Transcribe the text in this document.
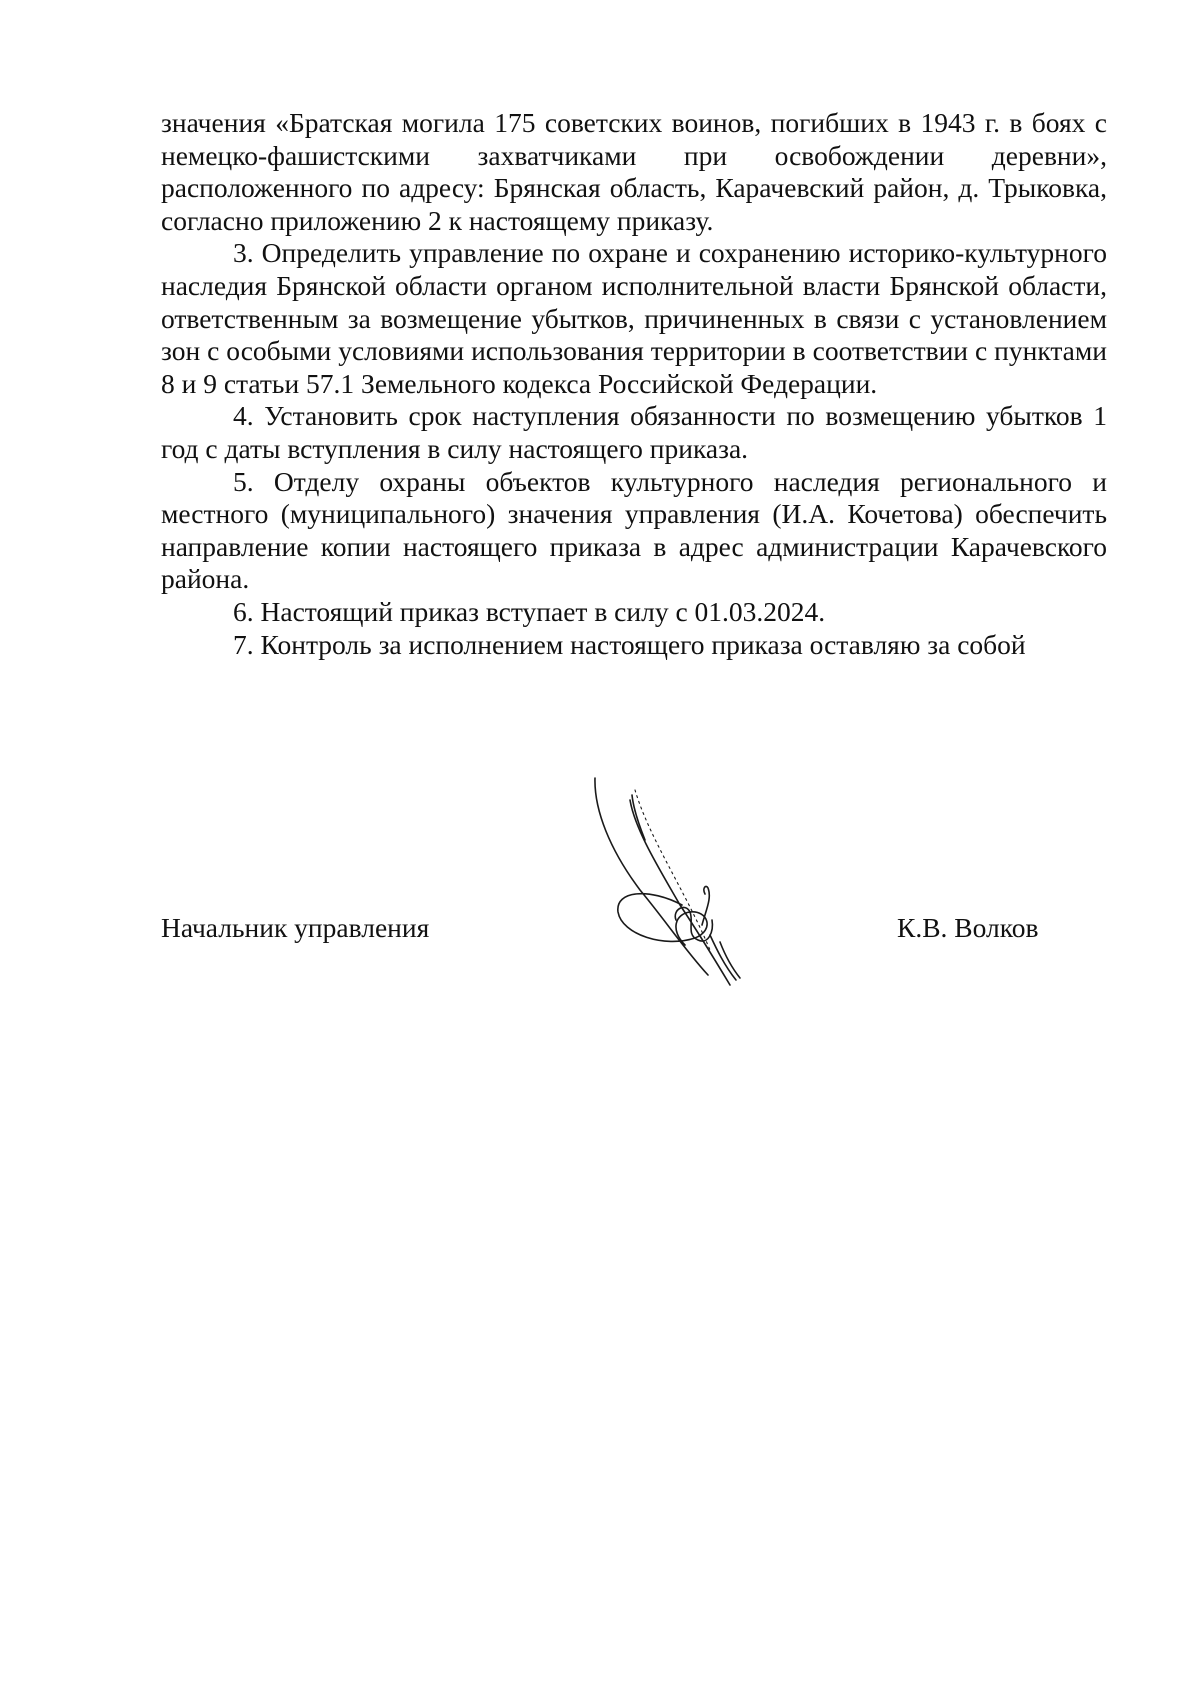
значения «Братская могила 175 советских воинов, погибших в 1943 г. в боях с немецко-фашистскими захватчиками при освобождении деревни», расположенного по адресу: Брянская область, Карачевский район, д. Трыковка, согласно приложению 2 к настоящему приказу.

3. Определить управление по охране и сохранению историко-культурного наследия Брянской области органом исполнительной власти Брянской области, ответственным за возмещение убытков, причиненных в связи с установлением зон с особыми условиями использования территории в соответствии с пунктами 8 и 9 статьи 57.1 Земельного кодекса Российской Федерации.

4. Установить срок наступления обязанности по возмещению убытков 1 год с даты вступления в силу настоящего приказа.

5. Отделу охраны объектов культурного наследия регионального и местного (муниципального) значения управления (И.А. Кочетова) обеспечить направление копии настоящего приказа в адрес администрации Карачевского района.

6. Настоящий приказ вступает в силу с 01.03.2024.

7. Контроль за исполнением настоящего приказа оставляю за собой

Начальник управления	К.В. Волков
